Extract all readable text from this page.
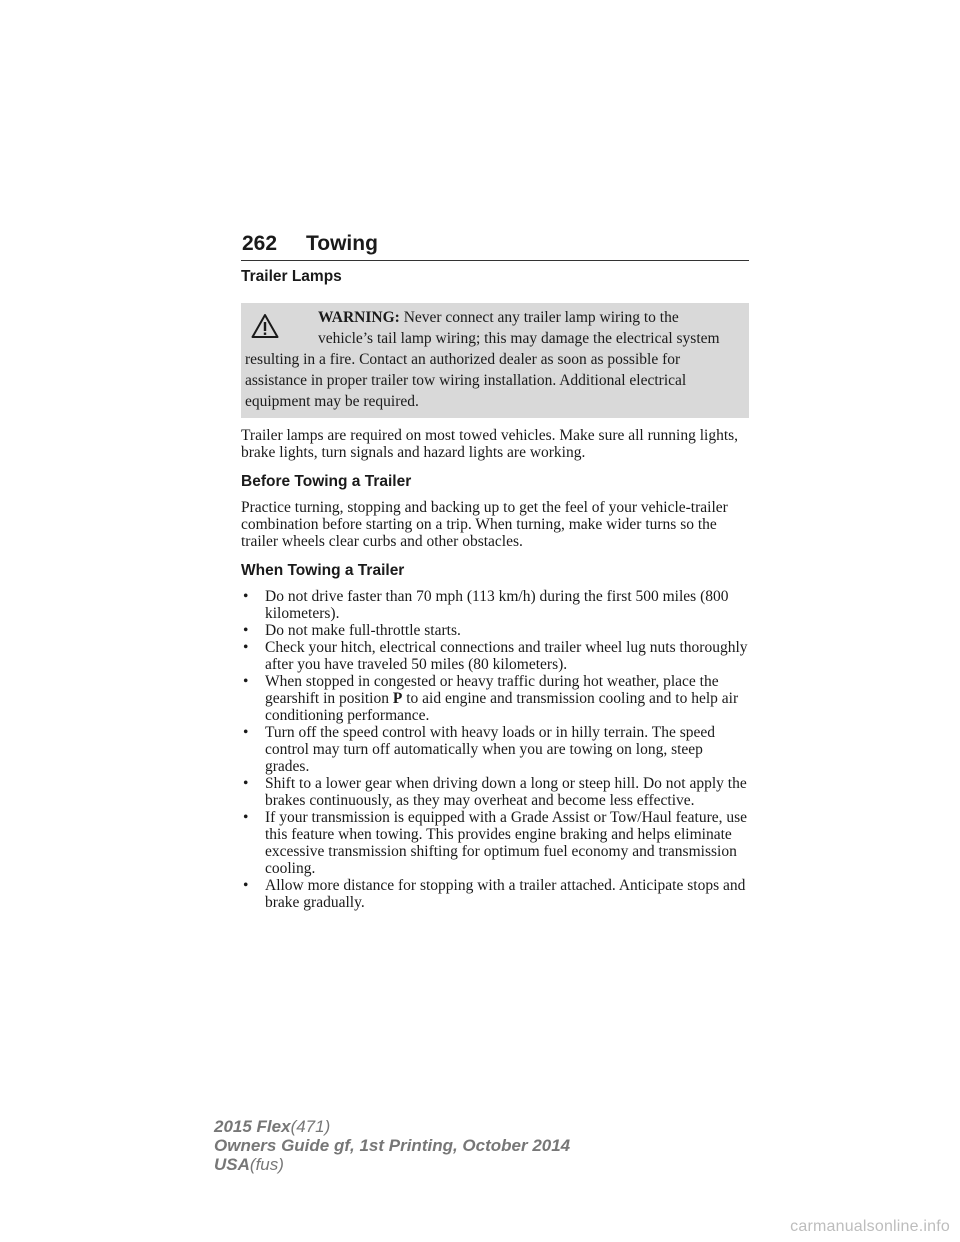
262 Towing
Trailer Lamps
WARNING: Never connect any trailer lamp wiring to the
vehicle’s tail lamp wiring; this may damage the electrical system resulting in a fire. Contact an authorized dealer as soon as possible for assistance in proper trailer tow wiring installation. Additional electrical equipment may be required.

Trailer lamps are required on most towed vehicles. Make sure all running lights, brake lights, turn signals and hazard lights are working.

Before Towing a Trailer

Practice turning, stopping and backing up to get the feel of your vehicle-trailer combination before starting on a trip. When turning, make wider turns so the trailer wheels clear curbs and other obstacles.

When Towing a Trailer
• Do not drive faster than 70 mph (113 km/h) during the first 500 miles (800 kilometers).
• Do not make full-throttle starts.
• Check your hitch, electrical connections and trailer wheel lug nuts thoroughly after you have traveled 50 miles (80 kilometers).
• When stopped in congested or heavy traffic during hot weather, place the gearshift in position P to aid engine and transmission cooling and to help air conditioning performance.
• Turn off the speed control with heavy loads or in hilly terrain. The speed control may turn off automatically when you are towing on long, steep grades.
• Shift to a lower gear when driving down a long or steep hill. Do not apply the brakes continuously, as they may overheat and become less effective.
• If your transmission is equipped with a Grade Assist or Tow/Haul feature, use this feature when towing. This provides engine braking and helps eliminate excessive transmission shifting for optimum fuel economy and transmission cooling.
• Allow more distance for stopping with a trailer attached. Anticipate stops and brake gradually.
2015 Flex(471)
Owners Guide gf, 1st Printing, October 2014
USA(fus)
carmanualsonline.info
